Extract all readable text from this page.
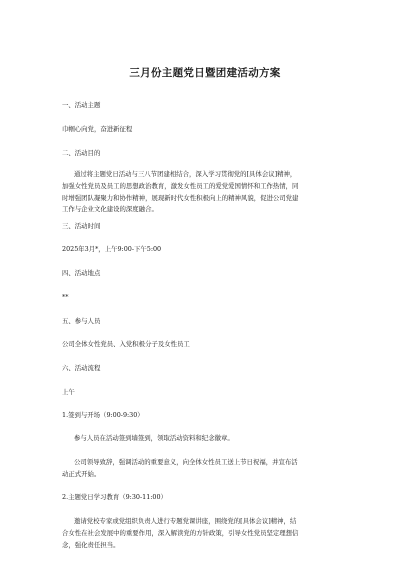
三月份主题党日暨团建活动方案
一、活动主题
巾帼心向党，奋进新征程
二、活动目的

通过将主题党日活动与三八节团建相结合，深入学习贯彻党的[具体会议]精神，

加强女性党员及员工的思想政治教育，激发女性员工的爱党爱国情怀和工作热情，同

时增强团队凝聚力和协作精神，展现新时代女性积极向上的精神风貌，促进公司党建

工作与企业文化建设的深度融合。

三、活动时间
2025年3月*，上午9:00-下午5:00
四、活动地点
**
五、参与人员
公司全体女性党员、入党积极分子及女性员工
六、活动流程
上午
1.签到与开场（9:00-9:30）

参与人员在活动签到墙签到，领取活动资料和纪念徽章。

公司领导致辞，强调活动的重要意义，向全体女性员工送上节日祝福，并宣布活

动正式开始。

2.主题党日学习教育（9:30-11:00）

邀请党校专家或党组织负责人进行专题党课讲座，围绕党的[具体会议]精神，结

合女性在社会发展中的重要作用，深入解读党的方针政策，引导女性党员坚定理想信

念，强化责任担当。
